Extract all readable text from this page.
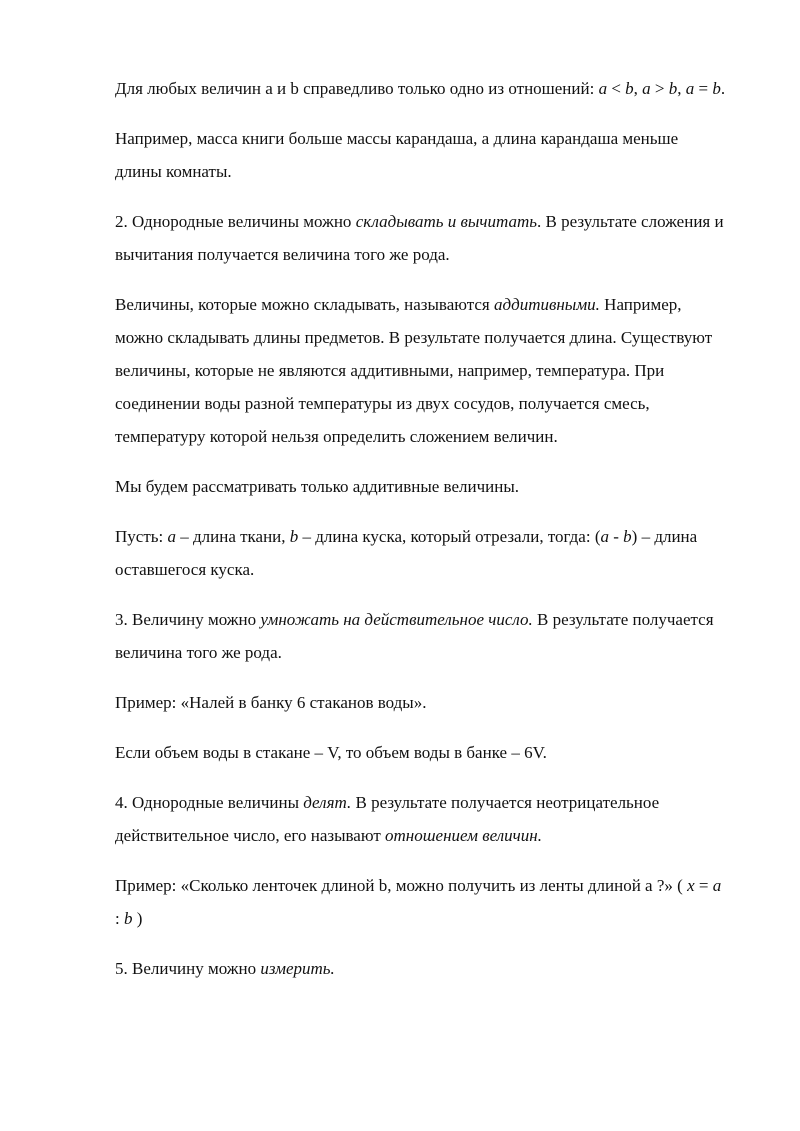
Для любых величин а и b справедливо только одно из отношений: a < b, a > b, a = b.

Например, масса книги больше массы карандаша, а длина карандаша меньше длины комнаты.

2. Однородные величины можно складывать и вычитать. В результате сложения и вычитания получается величина того же рода.

Величины, которые можно складывать, называются аддитивными. Например, можно складывать длины предметов. В результате получается длина. Существуют величины, которые не являются аддитивными, например, температура. При соединении воды разной температуры из двух сосудов, получается смесь, температуру которой нельзя определить сложением величин.

Мы будем рассматривать только аддитивные величины.

Пусть: a – длина ткани, b – длина куска, который отрезали, тогда: (a - b) – длина оставшегося куска.

3. Величину можно умножать на действительное число. В результате получается величина того же рода.

Пример: «Налей в банку 6 стаканов воды».

Если объем воды в стакане – V, то объем воды в банке – 6V.

4. Однородные величины делят. В результате получается неотрицательное действительное число, его называют отношением величин.

Пример: «Сколько ленточек длиной b, можно получить из ленты длиной а ?» ( x = a : b )

5. Величину можно измерить.
